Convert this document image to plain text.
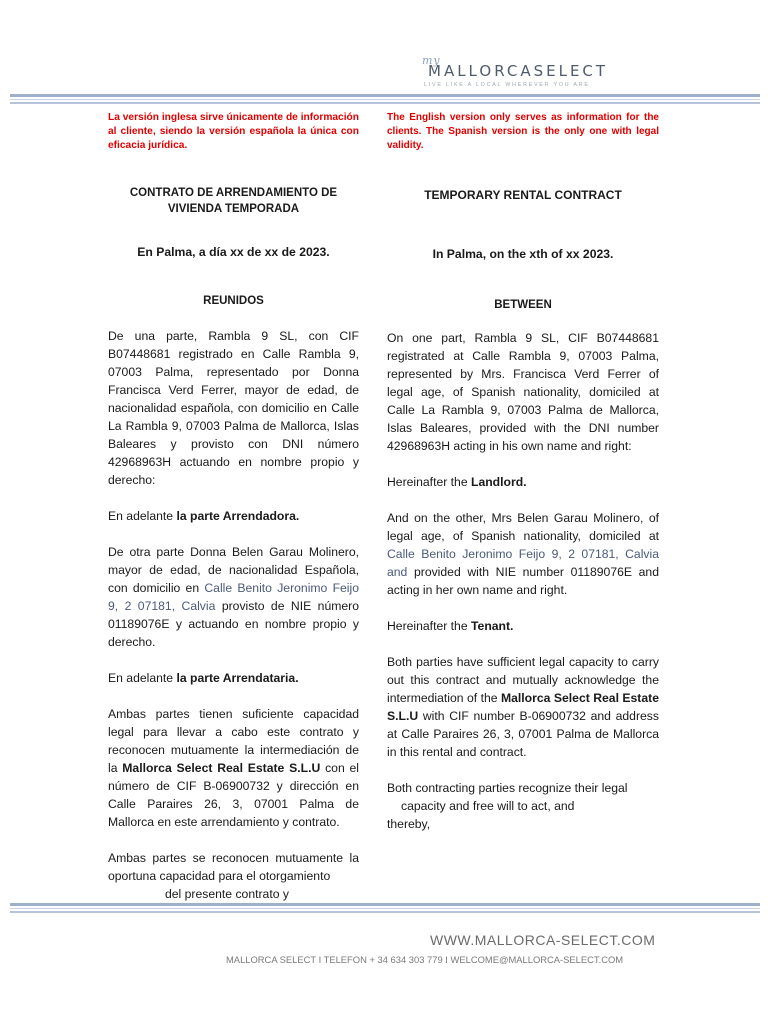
my
MALLORCASELECT
LIVE LIKE A LOCAL WHEREVER YOU ARE
La versión inglesa sirve únicamente de información al cliente, siendo la versión española la única con eficacia jurídica.
CONTRATO DE ARRENDAMIENTO DE
VIVIENDA TEMPORADA
En Palma, a día xx de xx de 2023.
REUNIDOS
De una parte, Rambla 9 SL, con CIF B07448681 registrado en Calle Rambla 9, 07003 Palma, representado por Donna Francisca Verd Ferrer, mayor de edad, de nacionalidad española, con domicilio en Calle La Rambla 9, 07003 Palma de Mallorca, Islas Baleares y provisto con DNI número 42968963H actuando en nombre propio y derecho:
En adelante la parte Arrendadora.
De otra parte Donna Belen Garau Molinero, mayor de edad, de nacionalidad Española, con domicilio en Calle Benito Jeronimo Feijo 9, 2 07181, Calvia provisto de NIE número 01189076E y actuando en nombre propio y derecho.
En adelante la parte Arrendataria.
Ambas partes tienen suficiente capacidad legal para llevar a cabo este contrato y reconocen mutuamente la intermediación de la Mallorca Select Real Estate S.L.U con el número de CIF B-06900732 y dirección en Calle Paraires 26, 3, 07001 Palma de Mallorca en este arrendamiento y contrato.
Ambas partes se reconocen mutuamente la oportuna capacidad para el otorgamiento
del presente contrato y
The English version only serves as information for the clients. The Spanish version is the only one with legal validity.
TEMPORARY RENTAL CONTRACT
In Palma, on the xth of xx 2023.
BETWEEN
On one part, Rambla 9 SL, CIF B07448681 registrated at Calle Rambla 9, 07003 Palma, represented by Mrs. Francisca Verd Ferrer of legal age, of Spanish nationality, domiciled at Calle La Rambla 9, 07003 Palma de Mallorca, Islas Baleares, provided with the DNI number 42968963H acting in his own name and right:
Hereinafter the Landlord.
And on the other, Mrs Belen Garau Molinero, of legal age, of Spanish nationality, domiciled at Calle Benito Jeronimo Feijo 9, 2 07181, Calvia and provided with NIE number 01189076E and acting in her own name and right.
Hereinafter the Tenant.
Both parties have sufficient legal capacity to carry out this contract and mutually acknowledge the intermediation of the Mallorca Select Real Estate S.L.U with CIF number B-06900732 and address at Calle Paraires 26, 3, 07001 Palma de Mallorca in this rental and contract.
Both contracting parties recognize their legal
capacity and free will to act, and
thereby,
WWW.MALLORCA-SELECT.COM
MALLORCA SELECT I TELEFON + 34 634 303 779 I WELCOME@MALLORCA-SELECT.COM
